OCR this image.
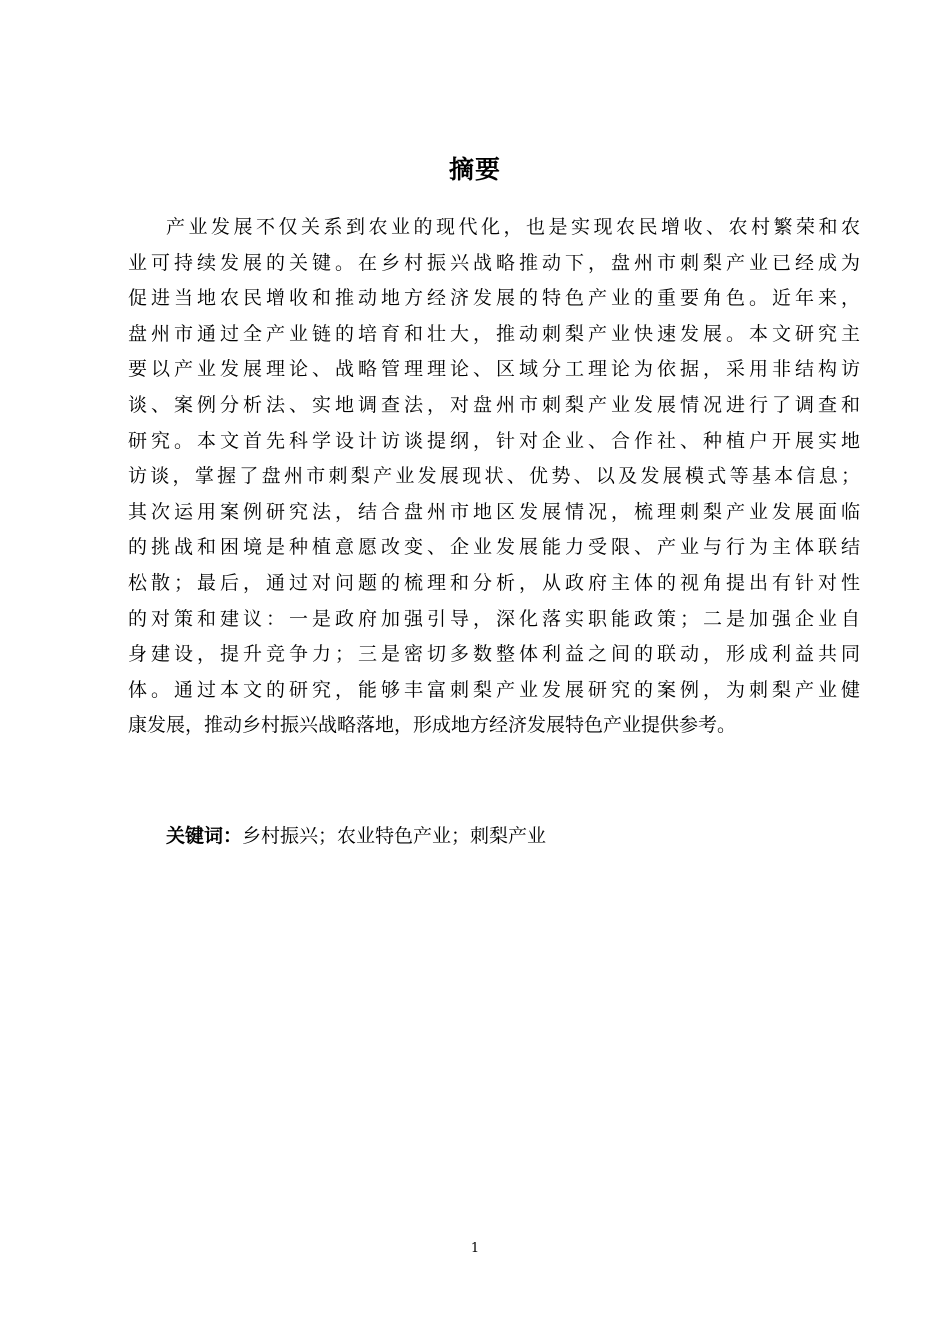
摘要
产业发展不仅关系到农业的现代化，也是实现农民增收、农村繁荣和农
业可持续发展的关键。在乡村振兴战略推动下，盘州市刺梨产业已经成为
促进当地农民增收和推动地方经济发展的特色产业的重要角色。近年来，
盘州市通过全产业链的培育和壮大，推动刺梨产业快速发展。本文研究主
要以产业发展理论、战略管理理论、区域分工理论为依据，采用非结构访
谈、案例分析法、实地调查法，对盘州市刺梨产业发展情况进行了调查和
研究。本文首先科学设计访谈提纲，针对企业、合作社、种植户开展实地
访谈，掌握了盘州市刺梨产业发展现状、优势、以及发展模式等基本信息；
其次运用案例研究法，结合盘州市地区发展情况，梳理刺梨产业发展面临
的挑战和困境是种植意愿改变、企业发展能力受限、产业与行为主体联结
松散；最后，通过对问题的梳理和分析，从政府主体的视角提出有针对性
的对策和建议：一是政府加强引导，深化落实职能政策；二是加强企业自
身建设，提升竞争力；三是密切多数整体利益之间的联动，形成利益共同
体。通过本文的研究，能够丰富刺梨产业发展研究的案例，为刺梨产业健
康发展，推动乡村振兴战略落地，形成地方经济发展特色产业提供参考。
关键词：乡村振兴；农业特色产业；刺梨产业
1
